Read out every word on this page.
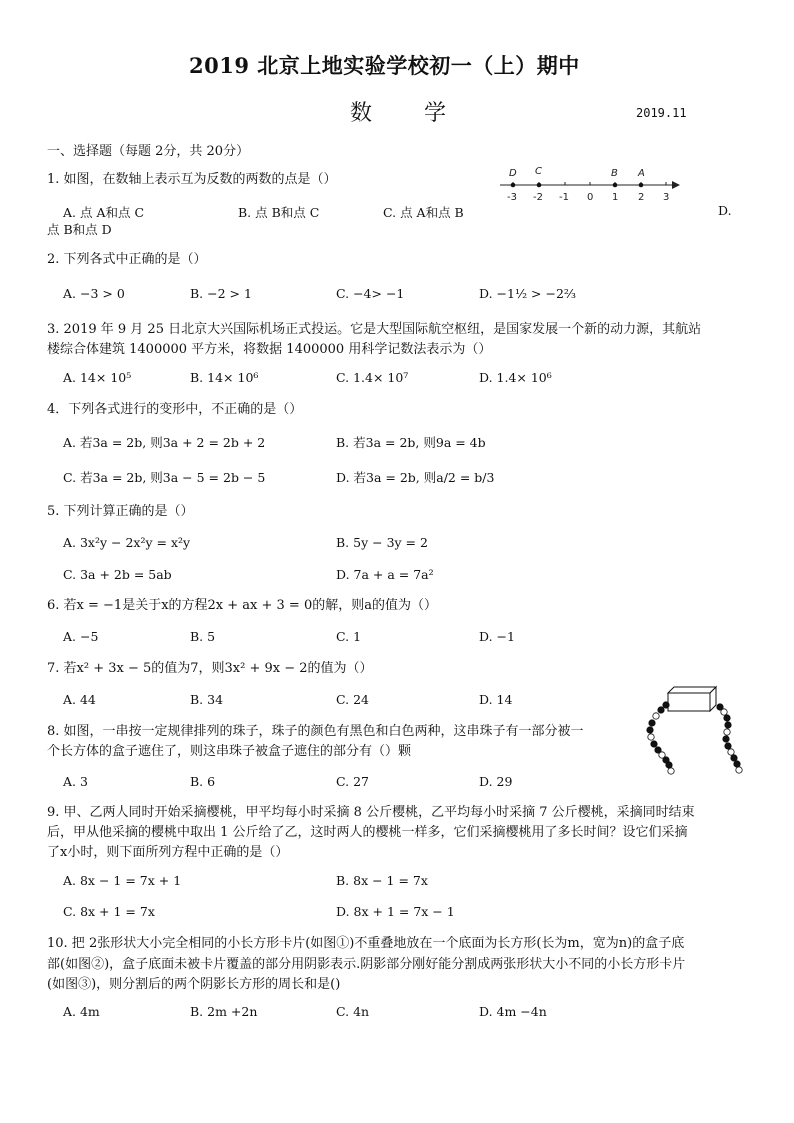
2019 北京上地实验学校初一（上）期中
数 学	2019.11
一、选择题（每题 2分，共 20分）
1. 如图，在数轴上表示互为反数的两数的点是（）	D C	B A
-3 -2 -1 0 1 2 3
A. 点 A和点 C	B. 点 B和点 C	C. 点 A和点 B	D.
点 B和点 D
2. 下列各式中正确的是（）
A. −3 > 0	B. −2 > 1	C. −4> −1	D. −1½ > −2⅔
3. 2019 年 9 月 25 日北京大兴国际机场正式投运。它是大型国际航空枢纽，是国家发展一个新的动力源，其航站
楼综合体建筑 1400000 平方米，将数据 1400000 用科学记数法表示为（）
A. 14× 10⁵	B. 14× 10⁶	C. 1.4× 10⁷	D. 1.4× 10⁶
4．下列各式进行的变形中，不正确的是（）
A. 若3a = 2b, 则3a + 2 = 2b + 2	B. 若3a = 2b, 则9a = 4b
C. 若3a = 2b, 则3a − 5 = 2b − 5	D. 若3a = 2b, 则a/2 = b/3
5. 下列计算正确的是（）
A. 3x²y − 2x²y = x²y	B. 5y − 3y = 2
C. 3a + 2b = 5ab	D. 7a + a = 7a²
6. 若x = −1是关于x的方程2x + ax + 3 = 0的解，则a的值为（）
A. −5	B. 5	C. 1	D. −1
7. 若x² + 3x − 5的值为7，则3x² + 9x − 2的值为（）
A. 44	B. 34	C. 24	D. 14
8. 如图，一串按一定规律排列的珠子，珠子的颜色有黑色和白色两种，这串珠子有一部分被一
个长方体的盒子遮住了，则这串珠子被盒子遮住的部分有（）颗
A. 3	B. 6	C. 27	D. 29
9. 甲、乙两人同时开始采摘樱桃，甲平均每小时采摘 8 公斤樱桃，乙平均每小时采摘 7 公斤樱桃，采摘同时结束
后，甲从他采摘的樱桃中取出 1 公斤给了乙，这时两人的樱桃一样多，它们采摘樱桃用了多长时间？设它们采摘
了x小时，则下面所列方程中正确的是（）
A. 8x − 1 = 7x + 1	B. 8x − 1 = 7x
C. 8x + 1 = 7x	D. 8x + 1 = 7x − 1
10. 把 2张形状大小完全相同的小长方形卡片(如图①)不重叠地放在一个底面为长方形(长为m，宽为n)的盒子底
部(如图②)，盒子底面未被卡片覆盖的部分用阴影表示.阴影部分刚好能分割成两张形状大小不同的小长方形卡片
(如图③)，则分割后的两个阴影长方形的周长和是()
A. 4m	B. 2m +2n	C. 4n	D. 4m −4n
